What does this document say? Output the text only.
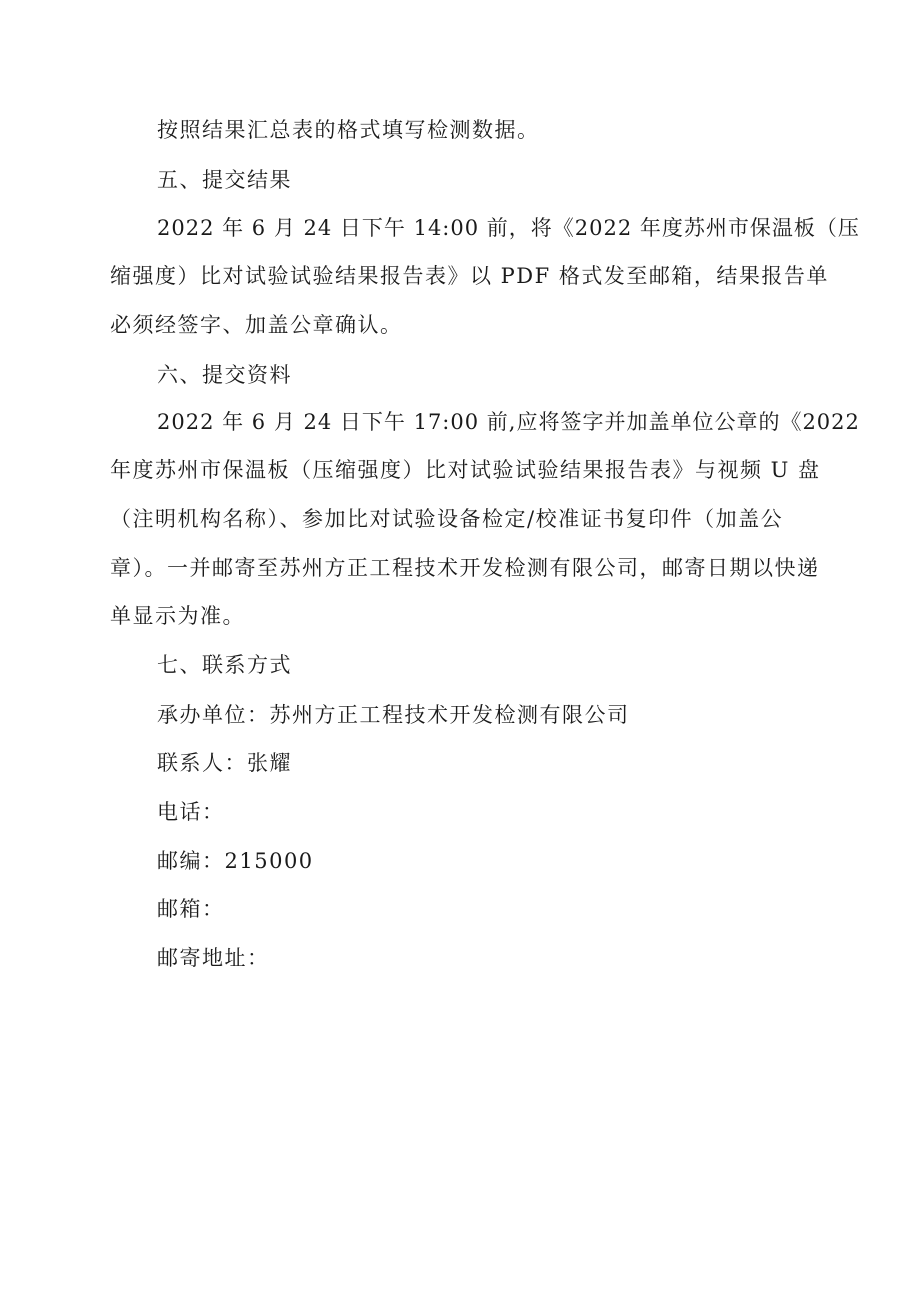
按照结果汇总表的格式填写检测数据。
五、提交结果
2022 年 6 月 24 日下午 14:00 前，将《2022 年度苏州市保温板（压
缩强度）比对试验试验结果报告表》以 PDF 格式发至邮箱，结果报告单
必须经签字、加盖公章确认。
六、提交资料
2022 年 6 月 24 日下午 17:00 前,应将签字并加盖单位公章的《2022
年度苏州市保温板（压缩强度）比对试验试验结果报告表》与视频 U 盘
（注明机构名称）、参加比对试验设备检定/校准证书复印件（加盖公
章）。一并邮寄至苏州方正工程技术开发检测有限公司，邮寄日期以快递
单显示为准。
七、联系方式
承办单位：苏州方正工程技术开发检测有限公司
联系人：张耀
电话：
邮编：215000
邮箱：
邮寄地址：
